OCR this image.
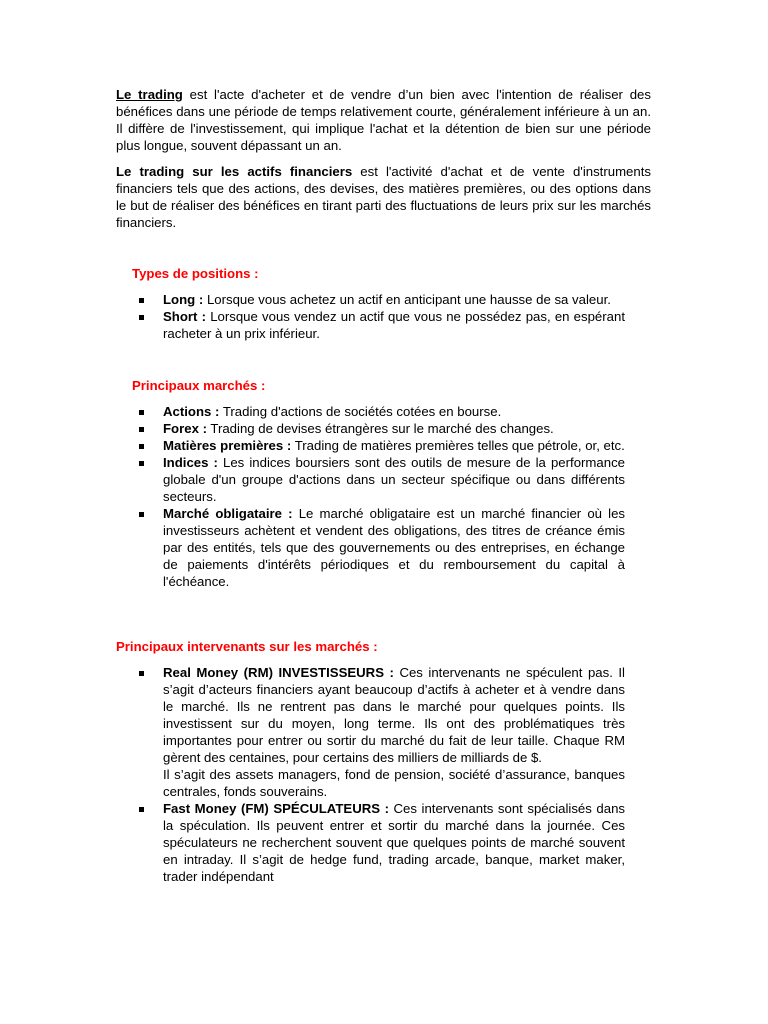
Le trading est l'acte d'acheter et de vendre d’un bien avec l'intention de réaliser des bénéfices dans une période de temps relativement courte, généralement inférieure à un an. Il diffère de l'investissement, qui implique l'achat et la détention de bien sur une période plus longue, souvent dépassant un an.

Le trading sur les actifs financiers est l'activité d'achat et de vente d'instruments financiers tels que des actions, des devises, des matières premières, ou des options dans le but de réaliser des bénéfices en tirant parti des fluctuations de leurs prix sur les marchés financiers.

Types de positions :

Long : Lorsque vous achetez un actif en anticipant une hausse de sa valeur.
Short : Lorsque vous vendez un actif que vous ne possédez pas, en espérant racheter à un prix inférieur.

Principaux marchés :

Actions : Trading d'actions de sociétés cotées en bourse.
Forex : Trading de devises étrangères sur le marché des changes.
Matières premières : Trading de matières premières telles que pétrole, or, etc.
Indices : Les indices boursiers sont des outils de mesure de la performance globale d'un groupe d'actions dans un secteur spécifique ou dans différents secteurs.
Marché obligataire : Le marché obligataire est un marché financier où les investisseurs achètent et vendent des obligations, des titres de créance émis par des entités, tels que des gouvernements ou des entreprises, en échange de paiements d'intérêts périodiques et du remboursement du capital à l'échéance.

Principaux intervenants sur les marchés :

Real Money (RM) INVESTISSEURS : Ces intervenants ne spéculent pas. Il s’agit d’acteurs financiers ayant beaucoup d’actifs à acheter et à vendre dans le marché. Ils ne rentrent pas dans le marché pour quelques points. Ils investissent sur du moyen, long terme. Ils ont des problématiques très importantes pour entrer ou sortir du marché du fait de leur taille. Chaque RM gèrent des centaines, pour certains des milliers de milliards de $.
Il s’agit des assets managers, fond de pension, société d’assurance, banques centrales, fonds souverains.
Fast Money (FM) SPÉCULATEURS : Ces intervenants sont spécialisés dans la spéculation. Ils peuvent entrer et sortir du marché dans la journée. Ces spéculateurs ne recherchent souvent que quelques points de marché souvent en intraday. Il s’agit de hedge fund, trading arcade, banque, market maker, trader indépendant
